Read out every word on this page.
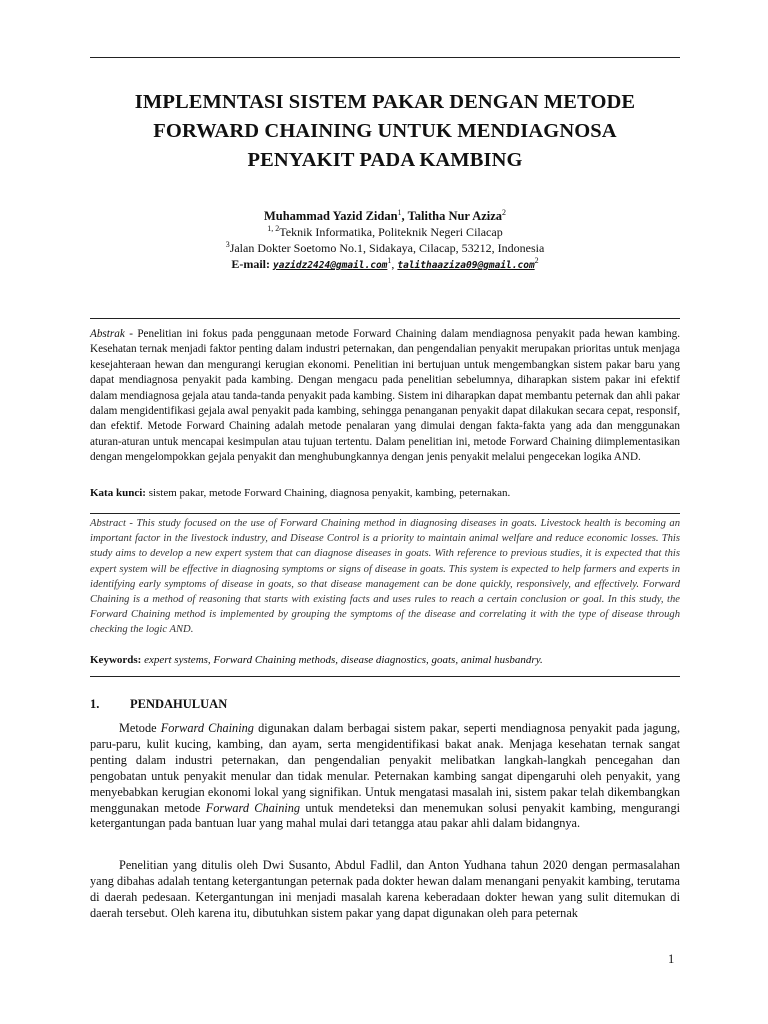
IMPLEMNTASI SISTEM PAKAR DENGAN METODE
FORWARD CHAINING UNTUK MENDIAGNOSA
PENYAKIT PADA KAMBING
Muhammad Yazid Zidan$^1$, Talitha Nur Aziza$^2$
$^{1, 2}$Teknik Informatika, Politeknik Negeri Cilacap
$^3$Jalan Dokter Soetomo No.1, Sidakaya, Cilacap, 53212, Indonesia
E-mail: yazidz2424@gmail.com$^1$, talithaaziza09@gmail.com$^2$

Abstrak - Penelitian ini fokus pada penggunaan metode Forward Chaining dalam mendiagnosa penyakit pada hewan kambing. Kesehatan ternak menjadi faktor penting dalam industri peternakan, dan pengendalian penyakit merupakan prioritas untuk menjaga kesejahteraan hewan dan mengurangi kerugian ekonomi. Penelitian ini bertujuan untuk mengembangkan sistem pakar baru yang dapat mendiagnosa penyakit pada kambing. Dengan mengacu pada penelitian sebelumnya, diharapkan sistem pakar ini efektif dalam mendiagnosa gejala atau tanda-tanda penyakit pada kambing. Sistem ini diharapkan dapat membantu peternak dan ahli pakar dalam mengidentifikasi gejala awal penyakit pada kambing, sehingga penanganan penyakit dapat dilakukan secara cepat, responsif, dan efektif. Metode Forward Chaining adalah metode penalaran yang dimulai dengan fakta-fakta yang ada dan menggunakan aturan-aturan untuk mencapai kesimpulan atau tujuan tertentu. Dalam penelitian ini, metode Forward Chaining diimplementasikan dengan mengelompokkan gejala penyakit dan menghubungkannya dengan jenis penyakit melalui pengecekan logika AND.

Kata kunci: sistem pakar, metode Forward Chaining, diagnosa penyakit, kambing, peternakan.

Abstract - This study focused on the use of Forward Chaining method in diagnosing diseases in goats. Livestock health is becoming an important factor in the livestock industry, and Disease Control is a priority to maintain animal welfare and reduce economic losses. This study aims to develop a new expert system that can diagnose diseases in goats. With reference to previous studies, it is expected that this expert system will be effective in diagnosing symptoms or signs of disease in goats. This system is expected to help farmers and experts in identifying early symptoms of disease in goats, so that disease management can be done quickly, responsively, and effectively. Forward Chaining is a method of reasoning that starts with existing facts and uses rules to reach a certain conclusion or goal. In this study, the Forward Chaining method is implemented by grouping the symptoms of the disease and correlating it with the type of disease through checking the logic AND.

Keywords: expert systems, Forward Chaining methods, disease diagnostics, goats, animal husbandry.
1. PENDAHULUAN

Metode Forward Chaining digunakan dalam berbagai sistem pakar, seperti mendiagnosa penyakit pada jagung, paru-paru, kulit kucing, kambing, dan ayam, serta mengidentifikasi bakat anak. Menjaga kesehatan ternak sangat penting dalam industri peternakan, dan pengendalian penyakit melibatkan langkah-langkah pencegahan dan pengobatan untuk penyakit menular dan tidak menular. Peternakan kambing sangat dipengaruhi oleh penyakit, yang menyebabkan kerugian ekonomi lokal yang signifikan. Untuk mengatasi masalah ini, sistem pakar telah dikembangkan menggunakan metode Forward Chaining untuk mendeteksi dan menemukan solusi penyakit kambing, mengurangi ketergantungan pada bantuan luar yang mahal mulai dari tetangga atau pakar ahli dalam bidangnya.

Penelitian yang ditulis oleh Dwi Susanto, Abdul Fadlil, dan Anton Yudhana tahun 2020 dengan permasalahan yang dibahas adalah tentang ketergantungan peternak pada dokter hewan dalam menangani penyakit kambing, terutama di daerah pedesaan. Ketergantungan ini menjadi masalah karena keberadaan dokter hewan yang sulit ditemukan di daerah tersebut. Oleh karena itu, dibutuhkan sistem pakar yang dapat digunakan oleh para peternak

1
